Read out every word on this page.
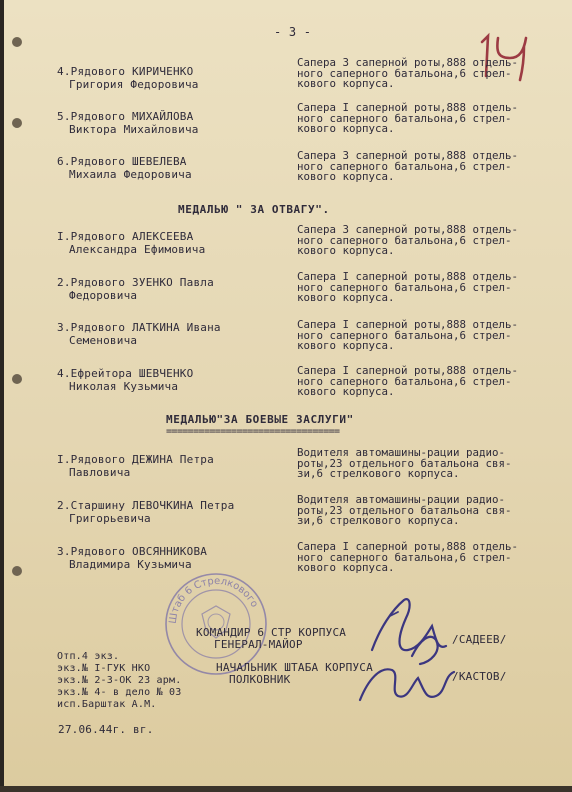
- 3 -
4.Рядового КИРИЧЕНКО
Григория Федоровича
Сапера 3 саперной роты,888 отдель-
ного саперного батальона,6 стрел-
кового корпуса.
5.Рядового МИХАЙЛОВА
Виктора Михайловича
Сапера I саперной роты,888 отдель-
ного саперного батальона,6 стрел-
кового корпуса.
6.Рядового ШЕВЕЛЕВА
Михаила Федоровича
Сапера 3 саперной роты,888 отдель-
ного саперного батальона,6 стрел-
кового корпуса.
МЕДАЛЬЮ " ЗА ОТВАГУ".
I.Рядового АЛЕКСЕЕВА
Александра Ефимовича
Сапера 3 саперной роты,888 отдель-
ного саперного батальона,6 стрел-
кового корпуса.
2.Рядового ЗУЕНКО Павла
Федоровича
Сапера I саперной роты,888 отдель-
ного саперного батальона,6 стрел-
кового корпуса.
3.Рядового ЛАТКИНА Ивана
Семеновича
Сапера I саперной роты,888 отдель-
ного саперного батальона,6 стрел-
кового корпуса.
4.Ефрейтора ШЕВЧЕНКО
Николая Кузьмича
Сапера I саперной роты,888 отдель-
ного саперного батальона,6 стрел-
кового корпуса.
МЕДАЛЬЮ"ЗА БОЕВЫЕ ЗАСЛУГИ"
================================
I.Рядового ДЕЖИНА Петра
Павловича
Водителя автомашины-рации радио-
роты,23 отдельного батальона свя-
зи,6 стрелкового корпуса.
2.Старшину ЛЕВОЧКИНА Петра
Григорьевича
Водителя автомашины-рации радио-
роты,23 отдельного батальона свя-
зи,6 стрелкового корпуса.
3.Рядового ОВСЯННИКОВА
Владимира Кузьмича
Сапера I саперной роты,888 отдель-
ного саперного батальона,6 стрел-
кового корпуса.
Штаб 6 Стрелкового
КОМАНДИР 6 СТР КОРПУСА
ГЕНЕРАЛ-МАЙОР	/САДЕЕВ/
НАЧАЛЬНИК ШТАБА КОРПУСА
ПОЛКОВНИК	/КАСТОВ/
Отп.4 экз.
экз.№ I-ГУК НКО
экз.№ 2-3-ОК 23 арм.
экз.№ 4- в дело № 03
исп.Барштак А.М.
27.06.44г. вг.
